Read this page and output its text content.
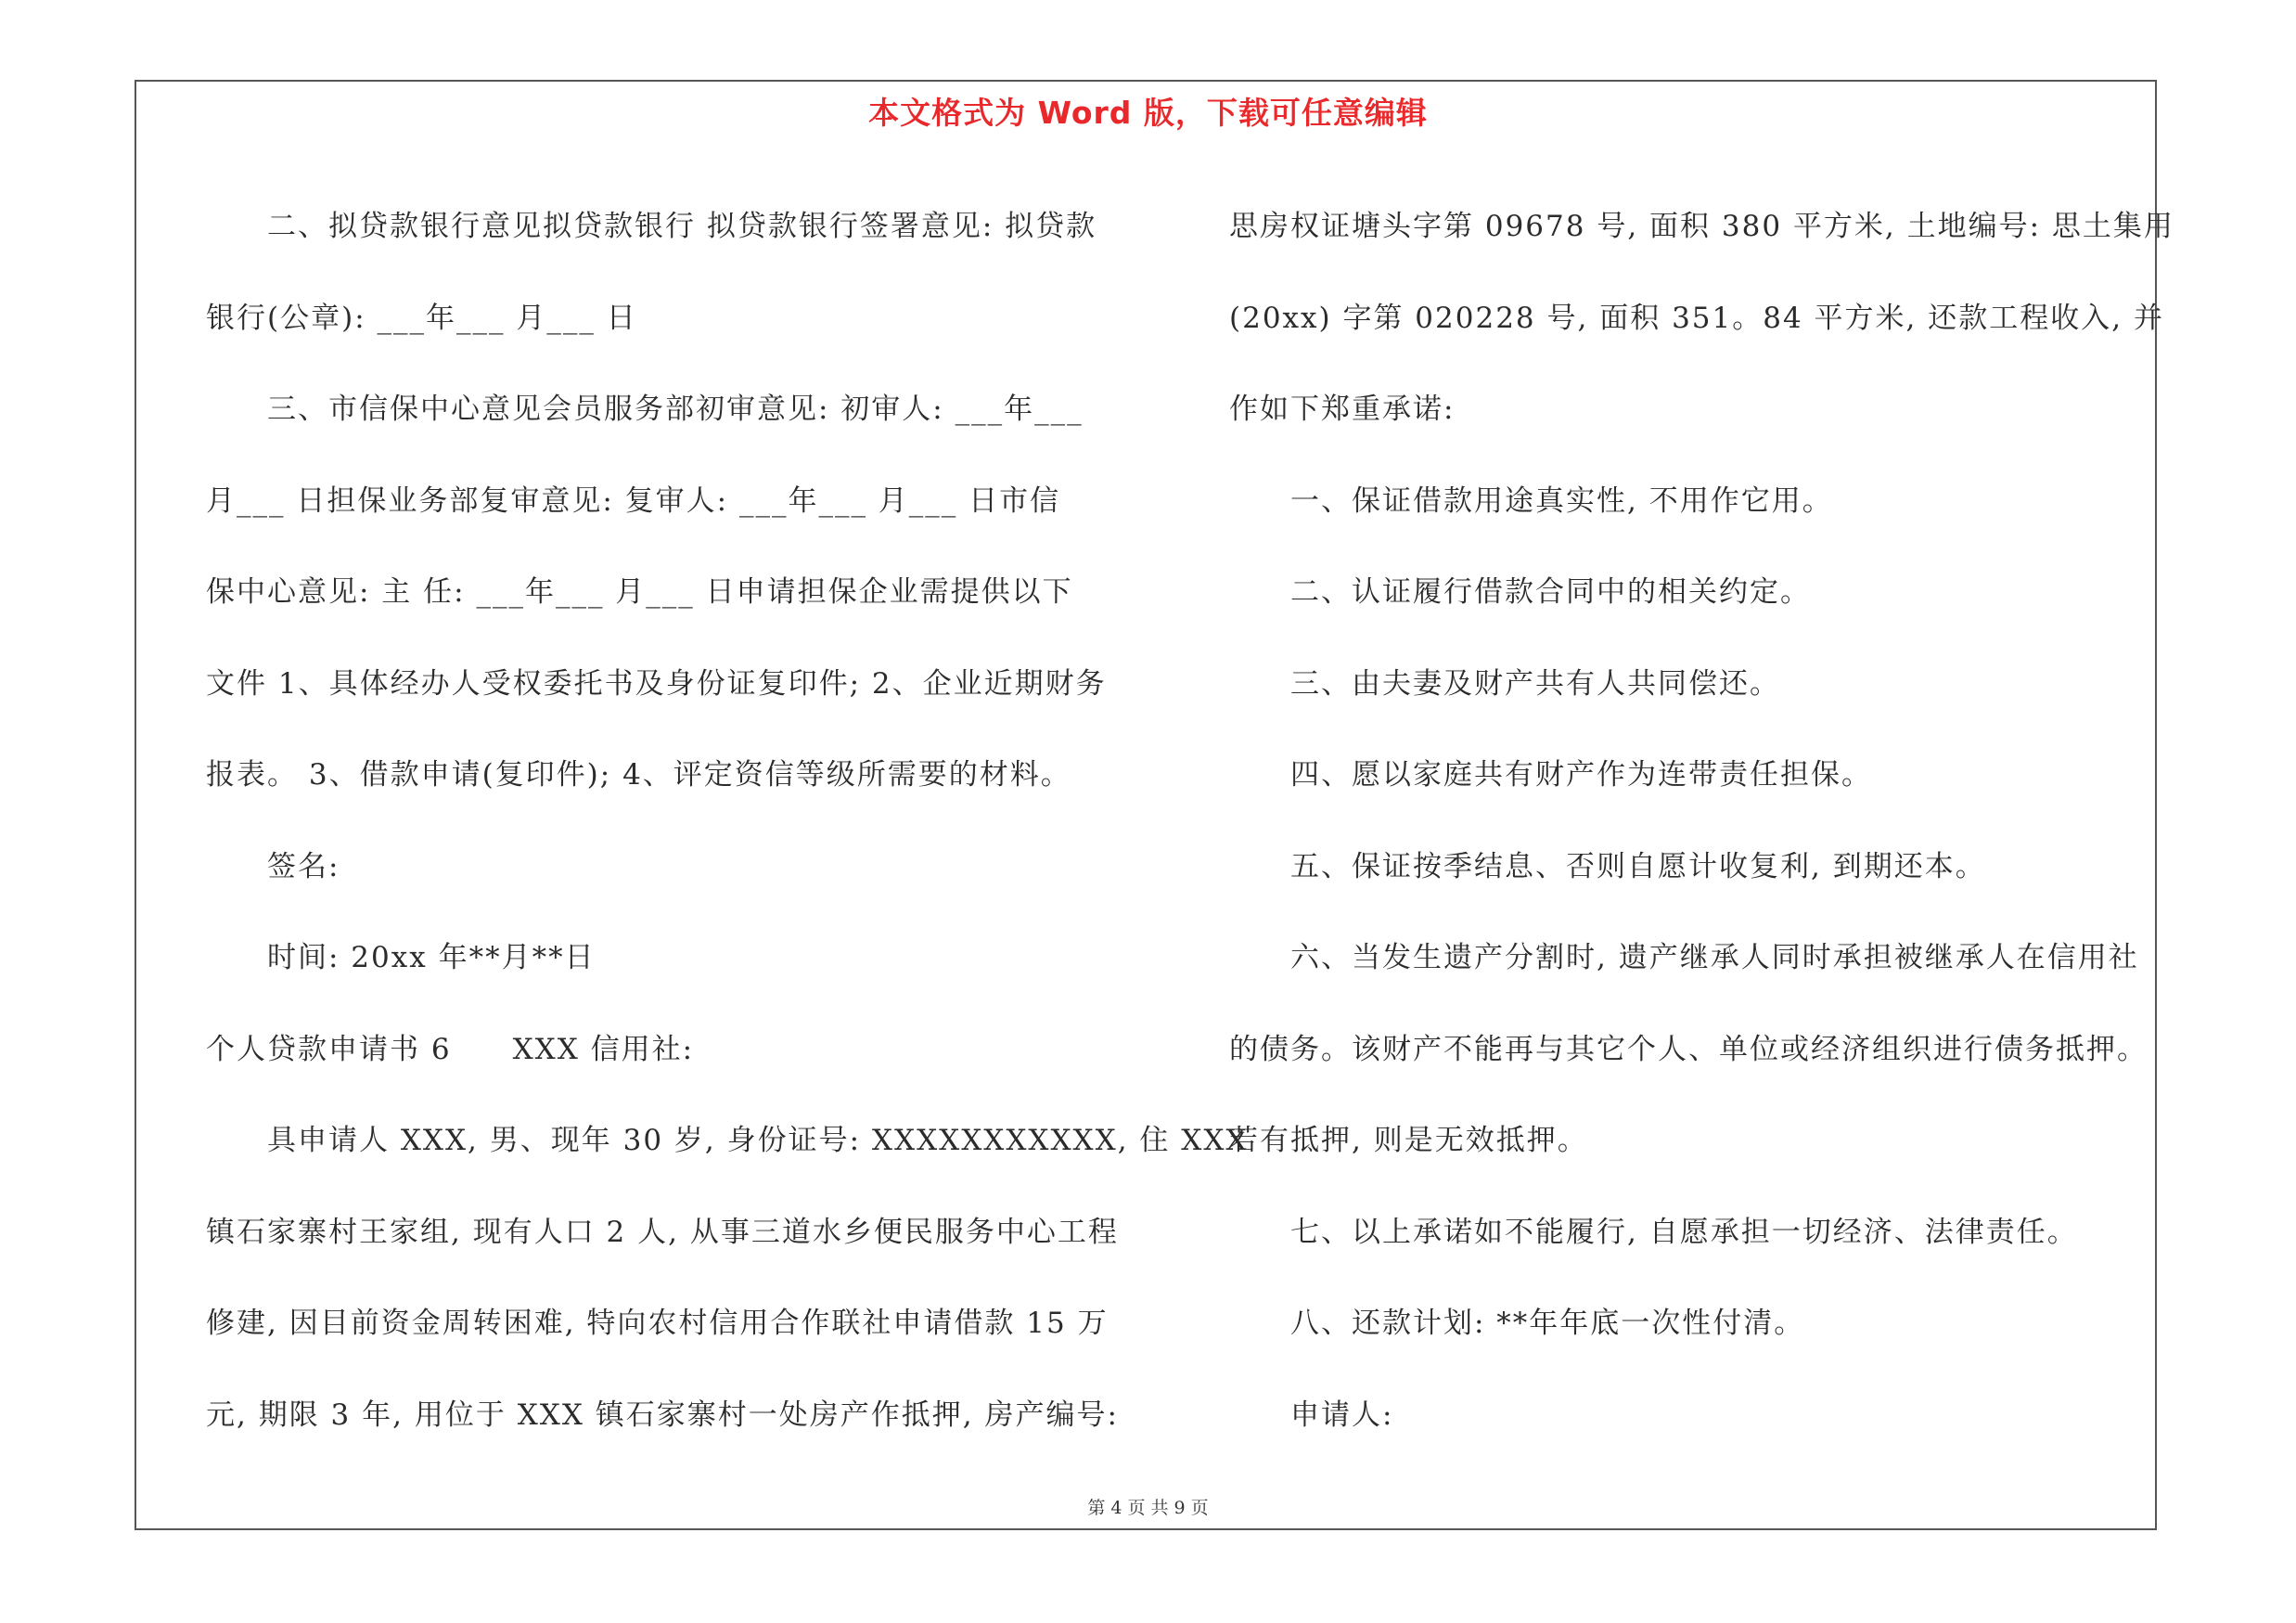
本文格式为 Word 版，下载可任意编辑
二、拟贷款银行意见拟贷款银行 拟贷款银行签署意见: 拟贷款
银行(公章): ___年___ 月___ 日
三、市信保中心意见会员服务部初审意见: 初审人: ___年___
月___ 日担保业务部复审意见: 复审人: ___年___ 月___ 日市信
保中心意见: 主 任: ___年___ 月___ 日申请担保企业需提供以下
文件 1、具体经办人受权委托书及身份证复印件; 2、企业近期财务
报表。 3、借款申请(复印件); 4、评定资信等级所需要的材料。
签名:
时间: 20xx 年**月**日
个人贷款申请书 6　　XXX 信用社:
具申请人 XXX, 男、现年 30 岁, 身份证号: XXXXXXXXXXX, 住 XXX
镇石家寨村王家组, 现有人口 2 人, 从事三道水乡便民服务中心工程
修建, 因目前资金周转困难, 特向农村信用合作联社申请借款 15 万
元, 期限 3 年, 用位于 XXX 镇石家寨村一处房产作抵押, 房产编号:
思房权证塘头字第 09678 号, 面积 380 平方米, 土地编号: 思土集用
(20xx) 字第 020228 号, 面积 351。84 平方米, 还款工程收入, 并
作如下郑重承诺:
一、保证借款用途真实性, 不用作它用。
二、认证履行借款合同中的相关约定。
三、由夫妻及财产共有人共同偿还。
四、愿以家庭共有财产作为连带责任担保。
五、保证按季结息、否则自愿计收复利, 到期还本。
六、当发生遗产分割时, 遗产继承人同时承担被继承人在信用社
的债务。该财产不能再与其它个人、单位或经济组织进行债务抵押。
若有抵押, 则是无效抵押。
七、以上承诺如不能履行, 自愿承担一切经济、法律责任。
八、还款计划: **年年底一次性付清。
申请人:
第 4 页 共 9 页
